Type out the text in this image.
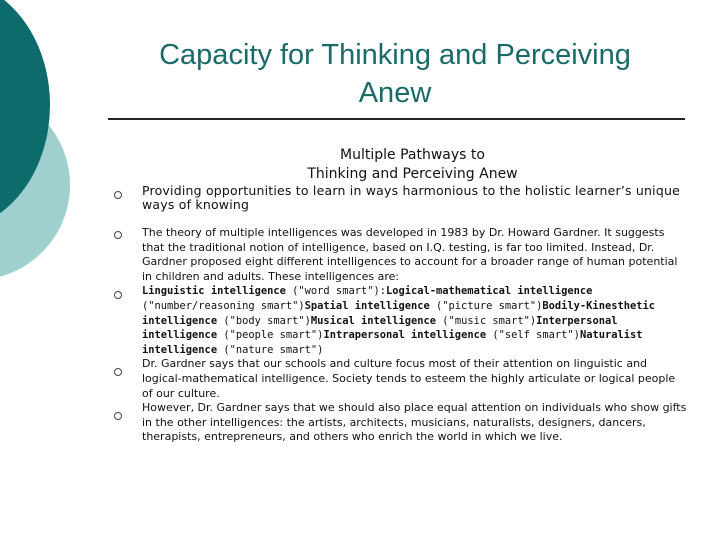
Capacity for Thinking and Perceiving
Anew
Multiple Pathways to
Thinking and Perceiving Anew
Providing opportunities to learn in ways harmonious to the holistic learner’s unique ways of knowing
The theory of multiple intelligences was developed in 1983 by Dr. Howard Gardner. It suggests that the traditional notion of intelligence, based on I.Q. testing, is far too limited. Instead, Dr. Gardner proposed eight different intelligences to account for a broader range of human potential in children and adults. These intelligences are:
Linguistic intelligence ("word smart"):Logical-mathematical intelligence ("number/reasoning smart")Spatial intelligence ("picture smart")Bodily-Kinesthetic intelligence ("body smart")Musical intelligence ("music smart")Interpersonal intelligence ("people smart")Intrapersonal intelligence ("self smart")Naturalist intelligence ("nature smart")
Dr. Gardner says that our schools and culture focus most of their attention on linguistic and logical-mathematical intelligence. Society tends to esteem the highly articulate or logical people of our culture.
However, Dr. Gardner says that we should also place equal attention on individuals who show gifts in the other intelligences: the artists, architects, musicians, naturalists, designers, dancers, therapists, entrepreneurs, and others who enrich the world in which we live.
